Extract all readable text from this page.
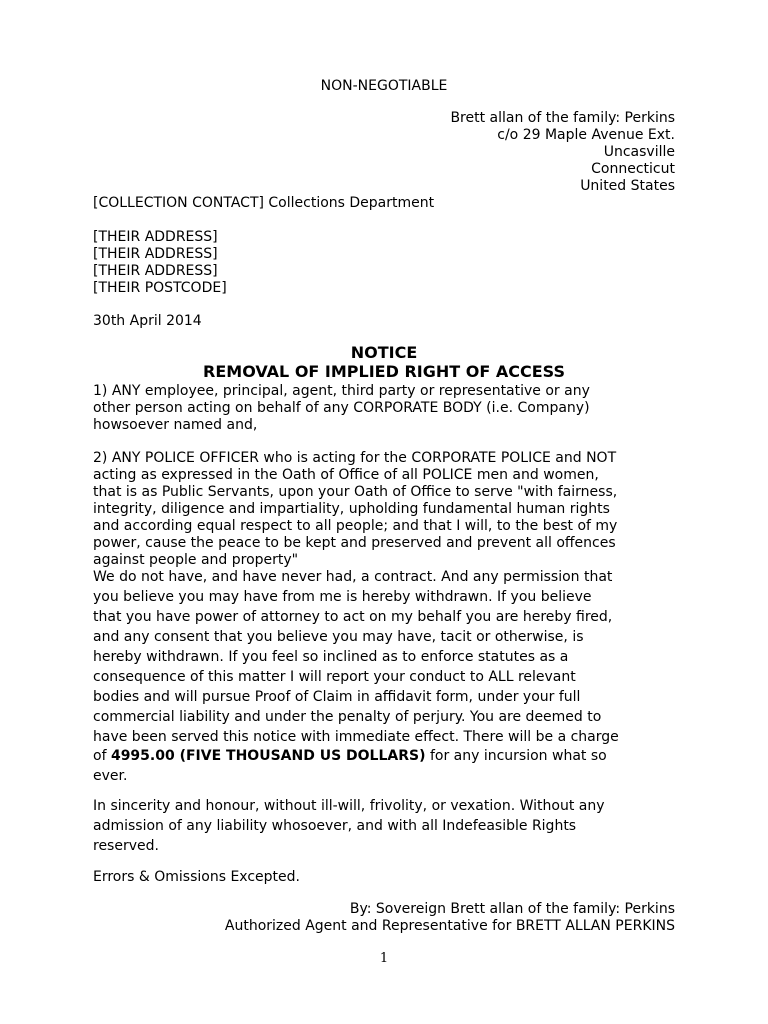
NON-NEGOTIABLE
Brett allan of the family: Perkins
c/o 29 Maple Avenue Ext.
Uncasville
Connecticut
United States
[COLLECTION CONTACT] Collections Department
[THEIR ADDRESS]
[THEIR ADDRESS]
[THEIR ADDRESS]
[THEIR POSTCODE]
30th April 2014
NOTICE
REMOVAL OF IMPLIED RIGHT OF ACCESS
1) ANY employee, principal, agent, third party or representative or any
other person acting on behalf of any CORPORATE BODY (i.e. Company)
howsoever named and,
2) ANY POLICE OFFICER who is acting for the CORPORATE POLICE and NOT
acting as expressed in the Oath of Office of all POLICE men and women,
that is as Public Servants, upon your Oath of Office to serve "with fairness,
integrity, diligence and impartiality, upholding fundamental human rights
and according equal respect to all people; and that I will, to the best of my
power, cause the peace to be kept and preserved and prevent all offences
against people and property"
We do not have, and have never had, a contract. And any permission that
you believe you may have from me is hereby withdrawn. If you believe
that you have power of attorney to act on my behalf you are hereby fired,
and any consent that you believe you may have, tacit or otherwise, is
hereby withdrawn. If you feel so inclined as to enforce statutes as a
consequence of this matter I will report your conduct to ALL relevant
bodies and will pursue Proof of Claim in affidavit form, under your full
commercial liability and under the penalty of perjury. You are deemed to
have been served this notice with immediate effect. There will be a charge
of 4995.00 (FIVE THOUSAND US DOLLARS) for any incursion what so
ever.
In sincerity and honour, without ill-will, frivolity, or vexation. Without any
admission of any liability whosoever, and with all Indefeasible Rights
reserved.
Errors & Omissions Excepted.
By: Sovereign Brett allan of the family: Perkins
Authorized Agent and Representative for BRETT ALLAN PERKINS
1
